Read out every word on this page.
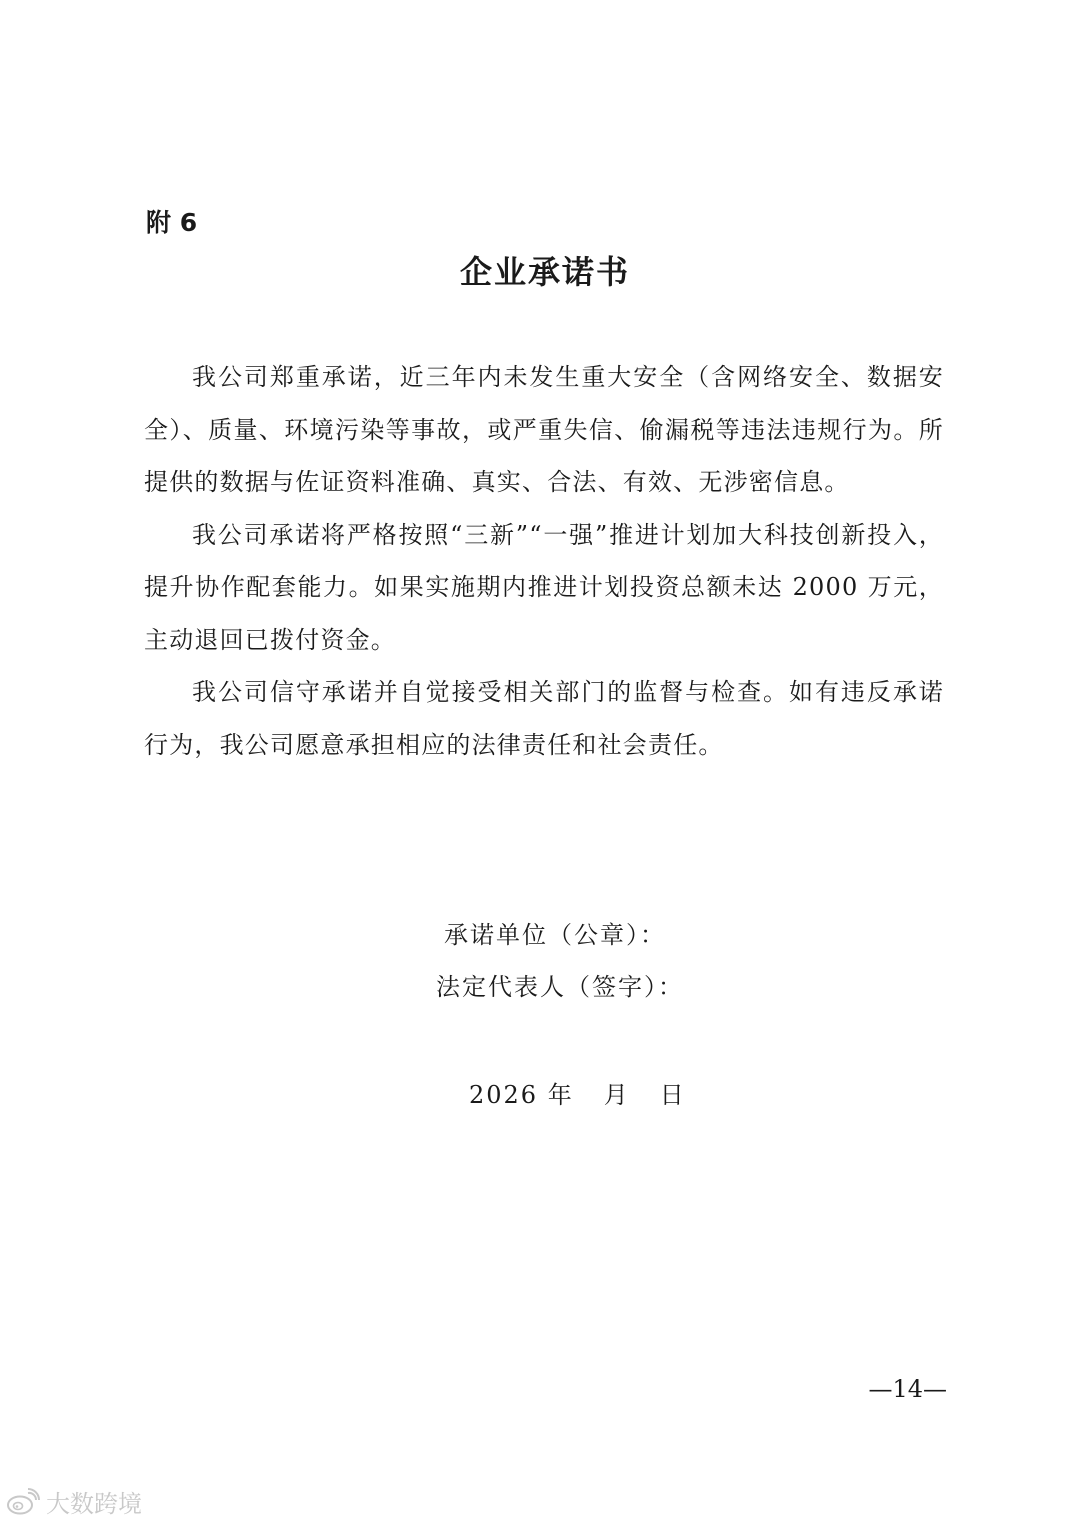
附 6
企业承诺书

我公司郑重承诺，近三年内未发生重大安全（含网络安全、数据安全）、质量、环境污染等事故，或严重失信、偷漏税等违法违规行为。所提供的数据与佐证资料准确、真实、合法、有效、无涉密信息。

我公司承诺将严格按照“三新”“一强”推进计划加大科技创新投入，提升协作配套能力。如果实施期内推进计划投资总额未达 2000 万元，主动退回已拨付资金。

我公司信守承诺并自觉接受相关部门的监督与检查。如有违反承诺行为，我公司愿意承担相应的法律责任和社会责任。

承诺单位（公章）：
法定代表人（签字）：
2026 年 月 日
—14—
大数跨境
